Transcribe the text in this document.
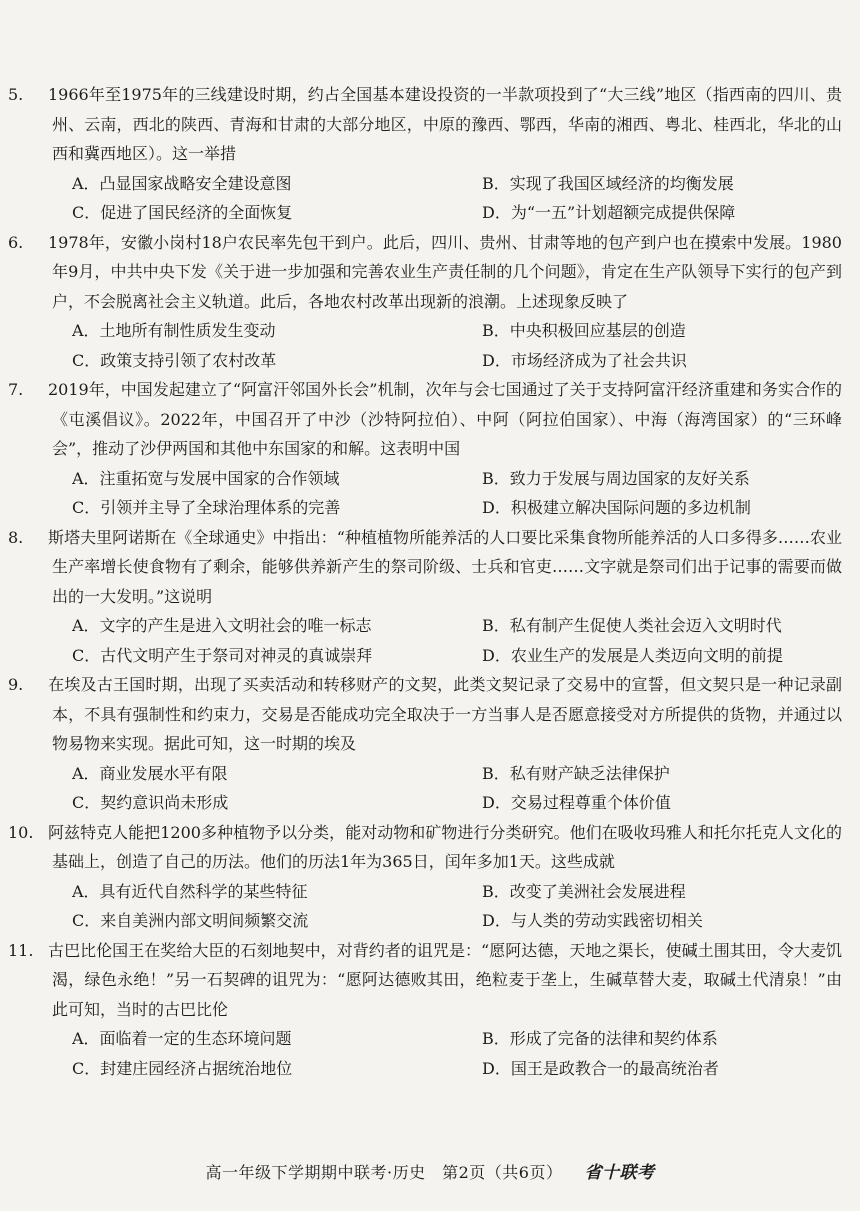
5. 1966年至1975年的三线建设时期，约占全国基本建设投资的一半款项投到了“大三线”地区（指西南的四川、贵州、云南，西北的陕西、青海和甘肃的大部分地区，中原的豫西、鄂西，华南的湘西、粤北、桂西北，华北的山西和冀西地区）。这一举措

A．凸显国家战略安全建设意图	B．实现了我国区域经济的均衡发展
C．促进了国民经济的全面恢复	D．为“一五”计划超额完成提供保障

6. 1978年，安徽小岗村18户农民率先包干到户。此后，四川、贵州、甘肃等地的包产到户也在摸索中发展。1980年9月，中共中央下发《关于进一步加强和完善农业生产责任制的几个问题》，肯定在生产队领导下实行的包产到户，不会脱离社会主义轨道。此后，各地农村改革出现新的浪潮。上述现象反映了

A．土地所有制性质发生变动	B．中央积极回应基层的创造
C．政策支持引领了农村改革	D．市场经济成为了社会共识

7. 2019年，中国发起建立了“阿富汗邻国外长会”机制，次年与会七国通过了关于支持阿富汗经济重建和务实合作的《屯溪倡议》。2022年，中国召开了中沙（沙特阿拉伯）、中阿（阿拉伯国家）、中海（海湾国家）的“三环峰会”，推动了沙伊两国和其他中东国家的和解。这表明中国

A．注重拓宽与发展中国家的合作领域	B．致力于发展与周边国家的友好关系
C．引领并主导了全球治理体系的完善	D．积极建立解决国际问题的多边机制

8. 斯塔夫里阿诺斯在《全球通史》中指出：“种植植物所能养活的人口要比采集食物所能养活的人口多得多……农业生产率增长使食物有了剩余，能够供养新产生的祭司阶级、士兵和官吏……文字就是祭司们出于记事的需要而做出的一大发明。”这说明

A．文字的产生是进入文明社会的唯一标志	B．私有制产生促使人类社会迈入文明时代
C．古代文明产生于祭司对神灵的真诚崇拜	D．农业生产的发展是人类迈向文明的前提

9. 在埃及古王国时期，出现了买卖活动和转移财产的文契，此类文契记录了交易中的宣誓，但文契只是一种记录副本，不具有强制性和约束力，交易是否能成功完全取决于一方当事人是否愿意接受对方所提供的货物，并通过以物易物来实现。据此可知，这一时期的埃及

A．商业发展水平有限	B．私有财产缺乏法律保护
C．契约意识尚未形成	D．交易过程尊重个体价值

10. 阿兹特克人能把1200多种植物予以分类，能对动物和矿物进行分类研究。他们在吸收玛雅人和托尔托克人文化的基础上，创造了自己的历法。他们的历法1年为365日，闰年多加1天。这些成就

A．具有近代自然科学的某些特征	B．改变了美洲社会发展进程
C．来自美洲内部文明间频繁交流	D．与人类的劳动实践密切相关

11. 古巴比伦国王在奖给大臣的石刻地契中，对背约者的诅咒是：“愿阿达德，天地之渠长，使碱土围其田，令大麦饥渴，绿色永绝！”另一石契碑的诅咒为：“愿阿达德败其田，绝粒麦于垄上，生碱草替大麦，取碱土代清泉！”由此可知，当时的古巴比伦

A．面临着一定的生态环境问题	B．形成了完备的法律和契约体系
C．封建庄园经济占据统治地位	D．国王是政教合一的最高统治者
高一年级下学期期中联考·历史　第2页（共6页） 省十联考
